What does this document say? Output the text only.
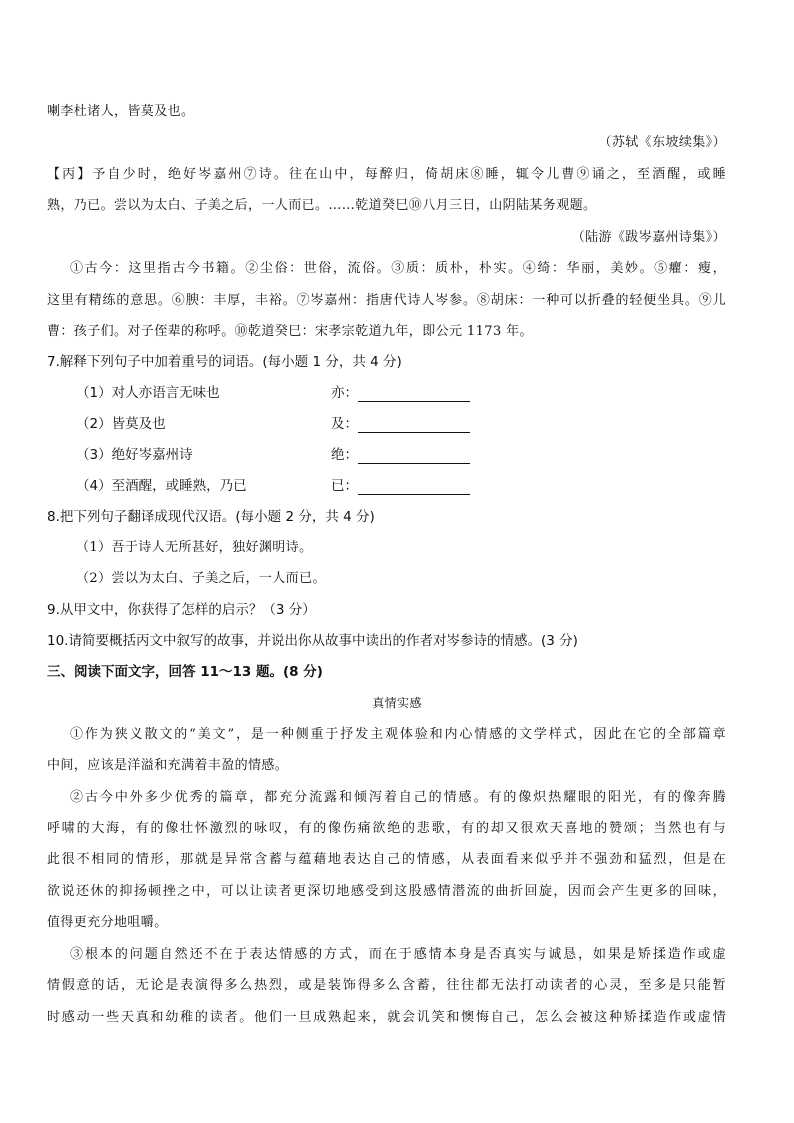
喇李杜诸人，皆莫及也。
（苏轼《东坡续集》）
【丙】予自少时，绝好岑嘉州⑦诗。往在山中，每醉归，倚胡床⑧睡，辄令儿曹⑨诵之，至酒醒，或睡
熟，乃已。尝以为太白、子美之后，一人而已。……乾道癸巳⑩八月三日，山阴陆某务观题。
（陆游《跋岑嘉州诗集》）
①古今：这里指古今书籍。②尘俗：世俗，流俗。③质：质朴，朴实。④绮：华丽，美妙。⑤癯：瘦，
这里有精练的意思。⑥腴：丰厚，丰裕。⑦岑嘉州：指唐代诗人岑参。⑧胡床：一种可以折叠的轻便坐具。⑨儿
曹：孩子们。对子侄辈的称呼。⑩乾道癸巳：宋孝宗乾道九年，即公元 1173 年。
7.解释下列句子中加着重号的词语。(每小题 1 分，共 4 分)
（1）对人亦语言无味也	亦：
（2）皆莫及也	及：
（3）绝好岑嘉州诗	绝：
（4）至酒醒，或睡熟，乃已	已：
8.把下列句子翻译成现代汉语。(每小题 2 分，共 4 分)
（1）吾于诗人无所甚好，独好渊明诗。
（2）尝以为太白、子美之后，一人而已。
9.从甲文中，你获得了怎样的启示？（3 分）
10.请简要概括丙文中叙写的故事，并说出你从故事中读出的作者对岑参诗的情感。(3 分)
三、阅读下面文字，回答 11～13 题。(8 分)
真情实感
①作为狭义散文的“美文”，是一种侧重于抒发主观体验和内心情感的文学样式，因此在它的全部篇章
中间，应该是洋溢和充满着丰盈的情感。
②古今中外多少优秀的篇章，都充分流露和倾泻着自己的情感。有的像炽热耀眼的阳光，有的像奔腾
呼啸的大海，有的像壮怀激烈的咏叹，有的像伤痛欲绝的悲歌，有的却又很欢天喜地的赞颂；当然也有与
此很不相同的情形，那就是异常含蓄与蕴藉地表达自己的情感，从表面看来似乎并不强劲和猛烈，但是在
欲说还休的抑扬顿挫之中，可以让读者更深切地感受到这股感情潜流的曲折回旋，因而会产生更多的回味，
值得更充分地咀嚼。
③根本的问题自然还不在于表达情感的方式，而在于感情本身是否真实与诚恳，如果是矫揉造作或虚
情假意的话，无论是表演得多么热烈，或是装饰得多么含蓄，往往都无法打动读者的心灵，至多是只能暂
时感动一些天真和幼稚的读者。他们一旦成熟起来，就会讥笑和懊悔自己，怎么会被这种矫揉造作或虚情
